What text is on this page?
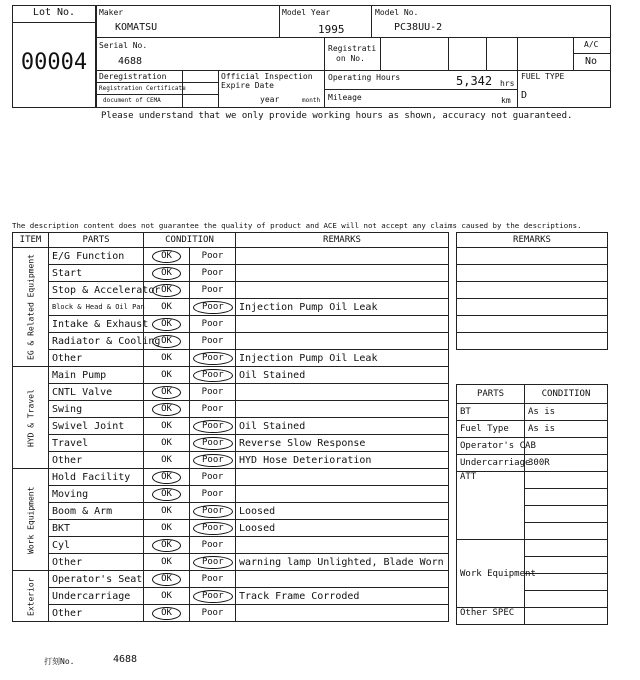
Lot No.
00004
Maker
KOMATSU
Model Year
1995
Model No.
PC38UU-2
Serial No.
4688
Registrati
on No.
A/C
No
Deregistration
Registration Certificate
document of CEMA
Official Inspection
Expire Date
year	month
Operating Hours	5,342 hrs
Mileage	km
FUEL TYPE
D
Please understand that we only provide working hours as shown, accuracy not guaranteed.
The description content does not guarantee the quality of product and ACE will not accept any claims caused by the descriptions.
ITEM	PARTS	CONDITION		REMARKS
EG & Related Equipment	E/G Function	OK	Poor	
	Start	OK	Poor	
	Stop & Accelerator	OK	Poor	
	Block & Head & Oil Pan	OK	Poor	Injection Pump Oil Leak
	Intake & Exhaust	OK	Poor	
	Radiator & Cooling	OK	Poor	
	Other	OK	Poor	Injection Pump Oil Leak
HYD & Travel	Main Pump	OK	Poor	Oil Stained
	CNTL Valve	OK	Poor	
	Swing	OK	Poor	
	Swivel Joint	OK	Poor	Oil Stained
	Travel	OK	Poor	Reverse Slow Response
	Other	OK	Poor	HYD Hose Deterioration
Work Equipment	Hold Facility	OK	Poor	
	Moving	OK	Poor	
	Boom & Arm	OK	Poor	Loosed
	BKT	OK	Poor	Loosed
	Cyl	OK	Poor	
	Other	OK	Poor	warning lamp Unlighted, Blade Worn
Exterior	Operator's Seat	OK	Poor	
	Undercarriage	OK	Poor	Track Frame Corroded
	Other	OK	Poor	
REMARKS

PARTS	CONDITION
BT	As is
Fuel Type	As is
Operator's CAB	
Undercarriage	300R
ATT	

Work Equipment	

Other SPEC	
打刻No.	4688
